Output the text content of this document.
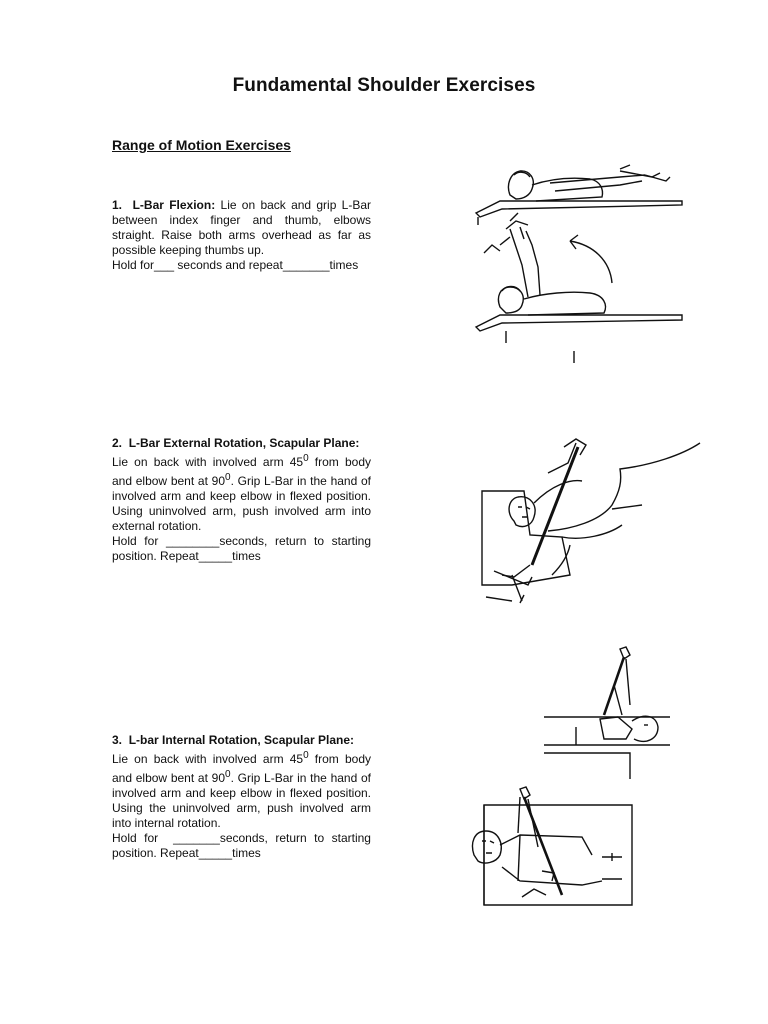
Fundamental Shoulder Exercises
Range of Motion Exercises
1. L-Bar Flexion: Lie on back and grip L-Bar between index finger and thumb, elbows straight. Raise both arms overhead as far as possible keeping thumbs up.
Hold for___ seconds and repeat_______times
2. L-Bar External Rotation, Scapular Plane:
Lie on back with involved arm $45^0$ from body and elbow bent at $90^0$. Grip L-Bar in the hand of involved arm and keep elbow in flexed position. Using uninvolved arm, push involved arm into external rotation.
Hold for ________seconds, return to starting position. Repeat_____times
3. L-bar Internal Rotation, Scapular Plane:
Lie on back with involved arm $45^0$ from body and elbow bent at $90^0$. Grip L-Bar in the hand of involved arm and keep elbow in flexed position. Using the uninvolved arm, push involved arm into internal rotation.
Hold for _______seconds, return to starting position. Repeat_____times
